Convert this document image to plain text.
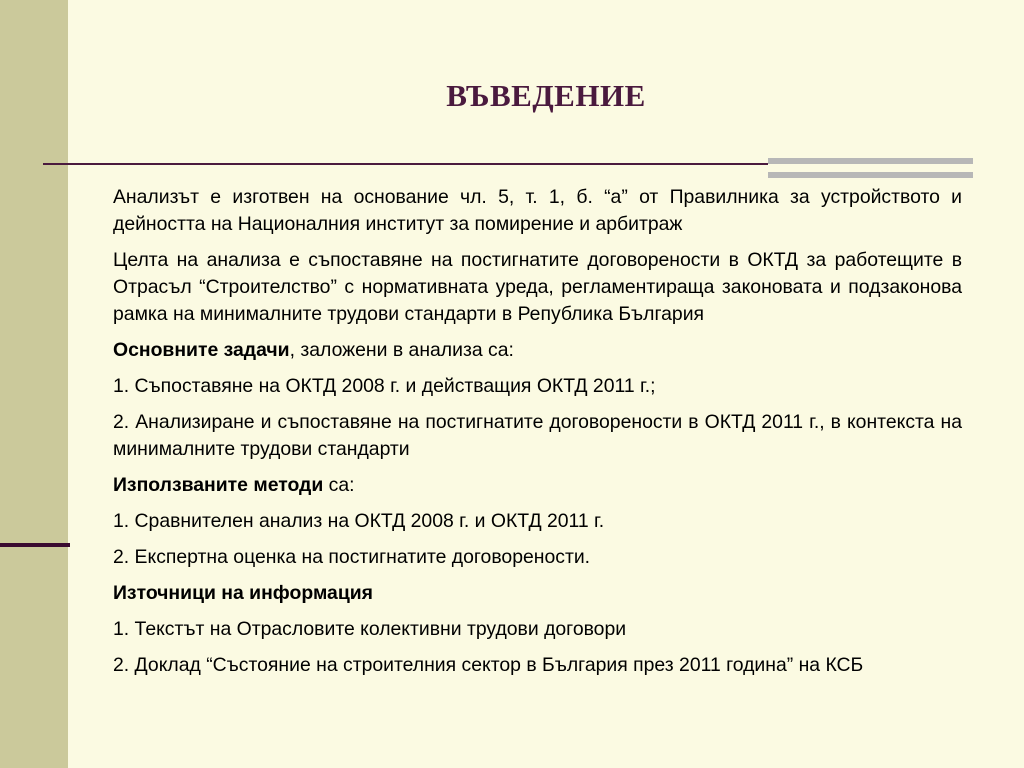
ВЪВЕДЕНИЕ

Анализът е изготвен на основание чл. 5, т. 1, б. “а” от Правилника за устройството и дейността на Националния институт за помирение и арбитраж

Целта на анализа е съпоставяне на постигнатите договорености в ОКТД за работещите в Отрасъл “Строителство” с нормативната уреда, регламентираща законовата и подзаконова рамка на минималните трудови стандарти в Република България

Основните задачи, заложени в анализа са:

1. Съпоставяне на ОКТД 2008 г. и действащия ОКТД 2011 г.;

2. Анализиране и съпоставяне на постигнатите договорености в ОКТД 2011 г., в контекста на минималните трудови стандарти

Използваните методи са:

1. Сравнителен анализ на ОКТД 2008 г. и ОКТД 2011 г.

2. Експертна оценка на постигнатите договорености.

Източници на информация

1. Текстът на Отрасловите колективни трудови договори

2. Доклад “Състояние на строителния сектор в България през 2011 година” на КСБ
